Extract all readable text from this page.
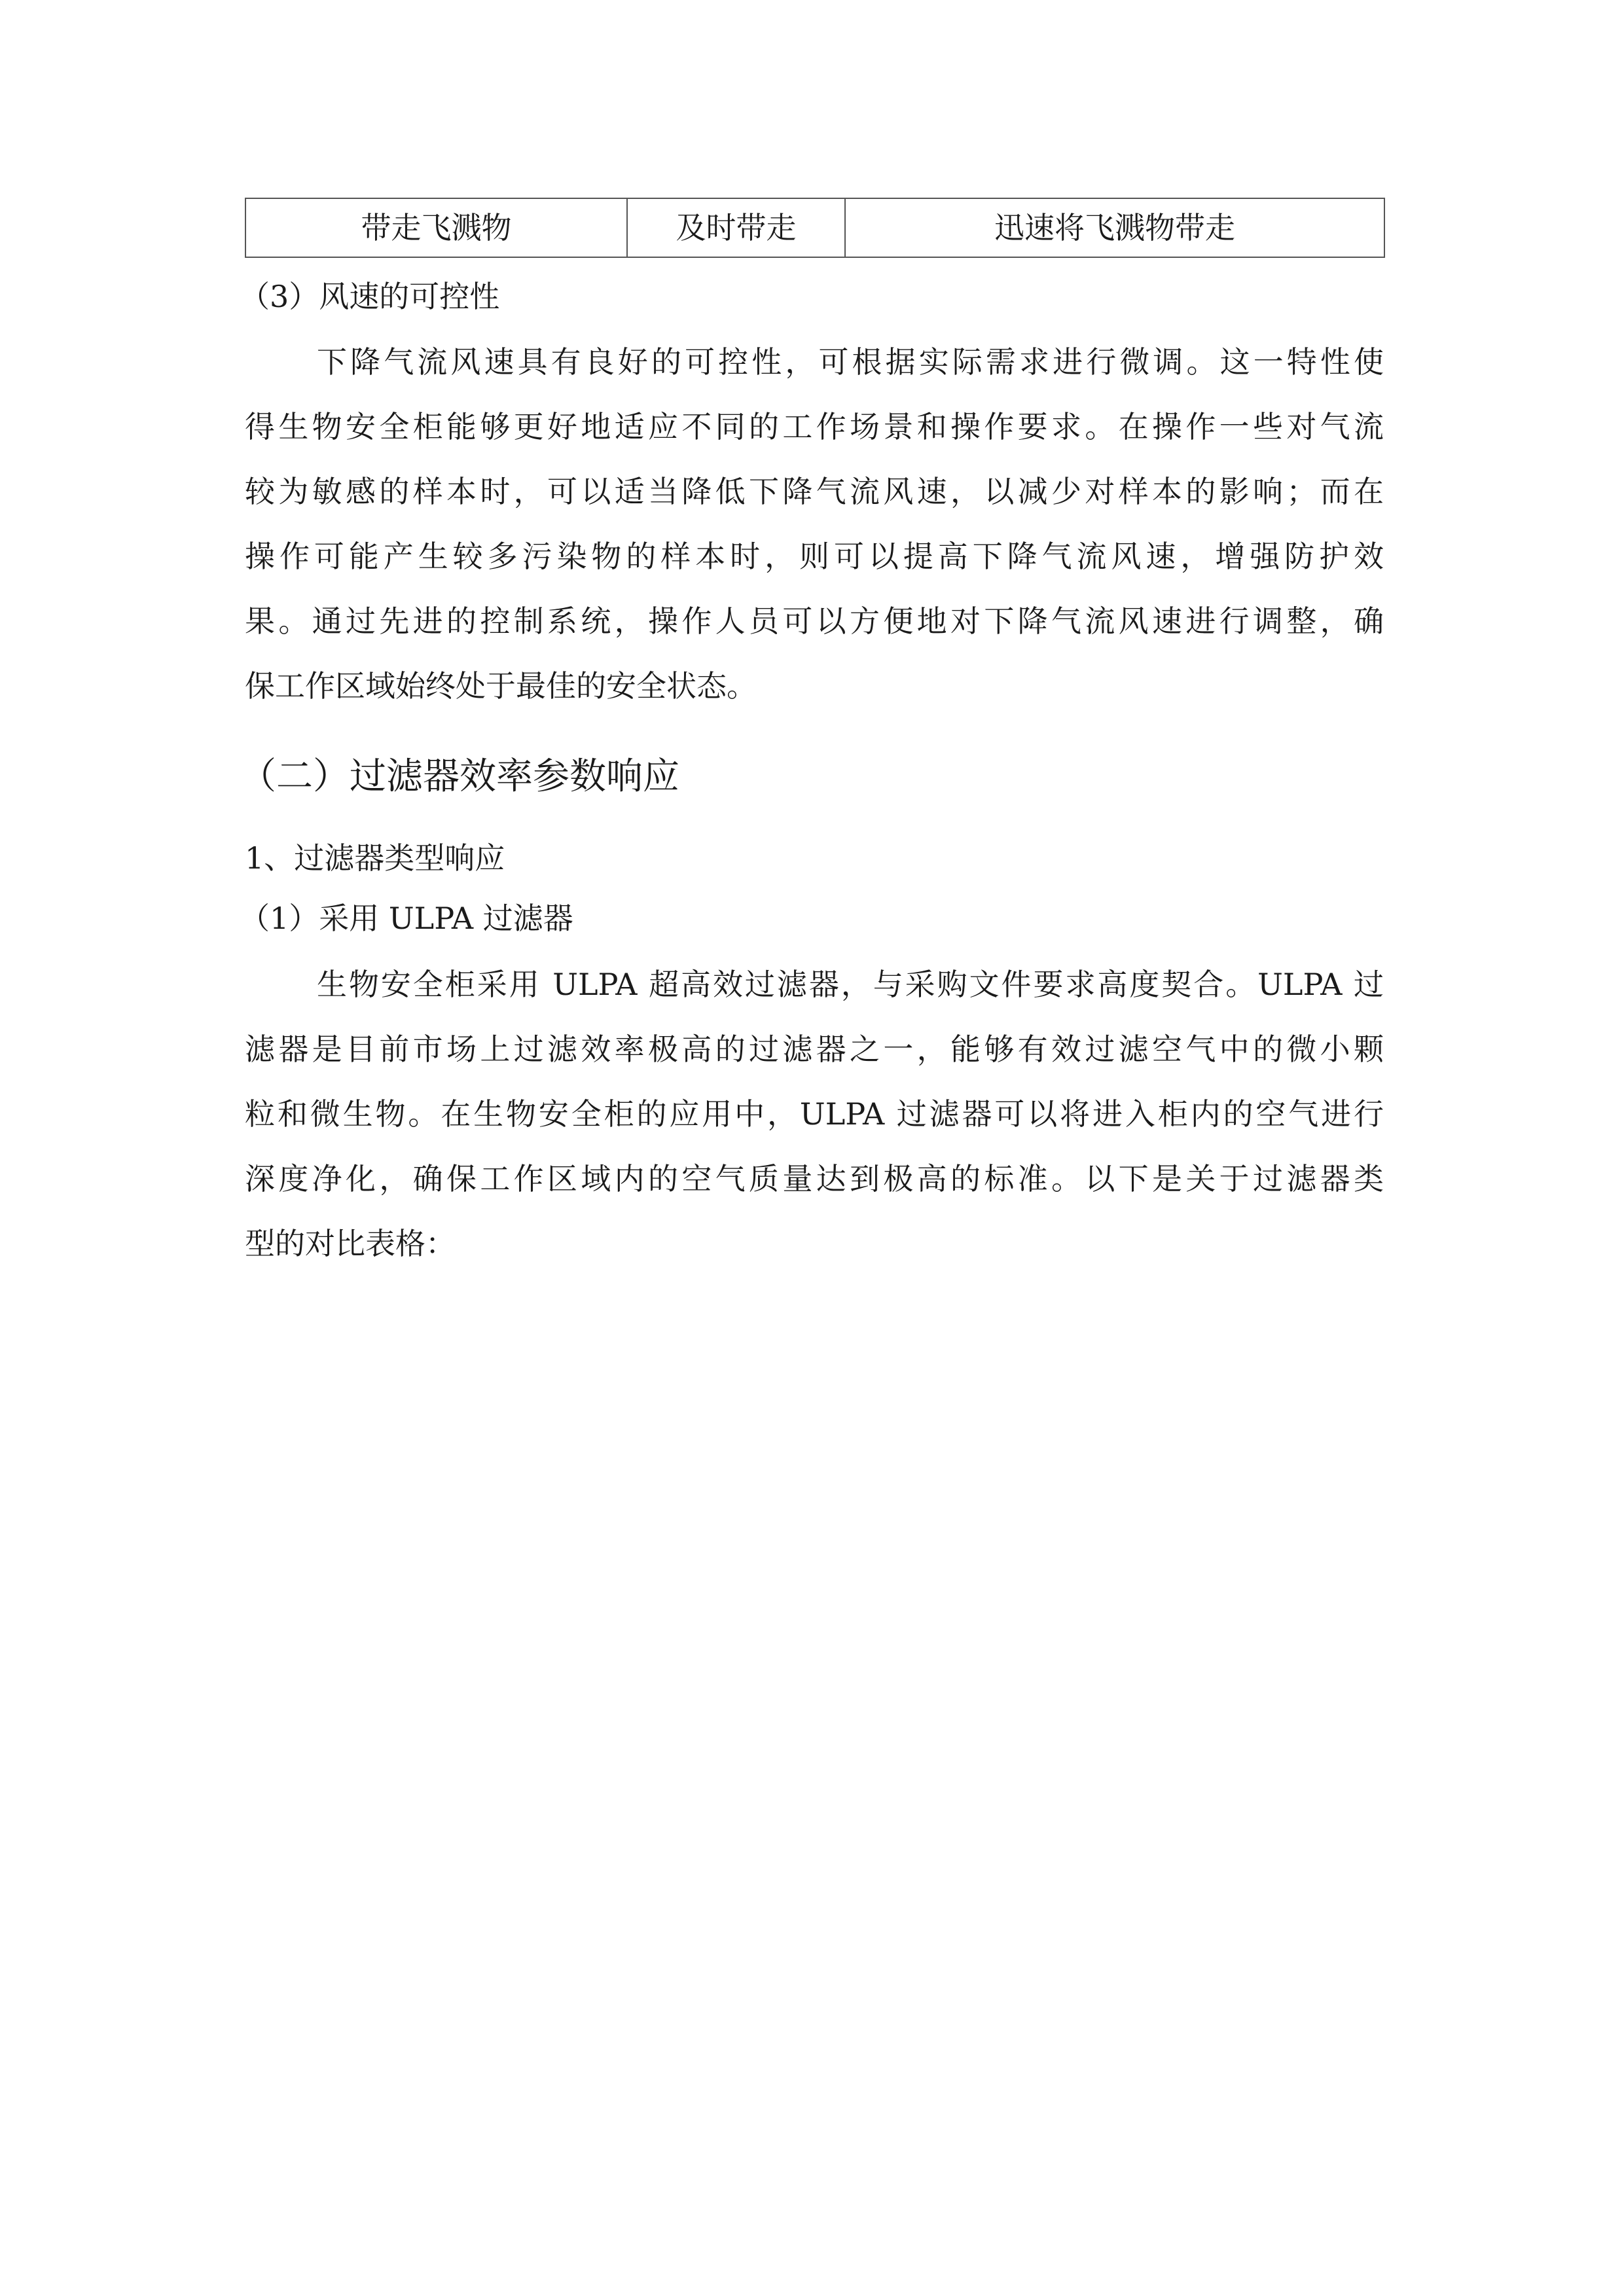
带走飞溅物	及时带走	迅速将飞溅物带走
（3）风速的可控性
下降气流风速具有良好的可控性，可根据实际需求进行微调。这一特性使
得生物安全柜能够更好地适应不同的工作场景和操作要求。在操作一些对气流
较为敏感的样本时，可以适当降低下降气流风速，以减少对样本的影响；而在
操作可能产生较多污染物的样本时，则可以提高下降气流风速，增强防护效
果。通过先进的控制系统，操作人员可以方便地对下降气流风速进行调整，确
保工作区域始终处于最佳的安全状态。
（二）过滤器效率参数响应
1、过滤器类型响应
（1）采用 ULPA 过滤器
生物安全柜采用 ULPA 超高效过滤器，与采购文件要求高度契合。ULPA 过
滤器是目前市场上过滤效率极高的过滤器之一，能够有效过滤空气中的微小颗
粒和微生物。在生物安全柜的应用中，ULPA 过滤器可以将进入柜内的空气进行
深度净化，确保工作区域内的空气质量达到极高的标准。以下是关于过滤器类
型的对比表格：
